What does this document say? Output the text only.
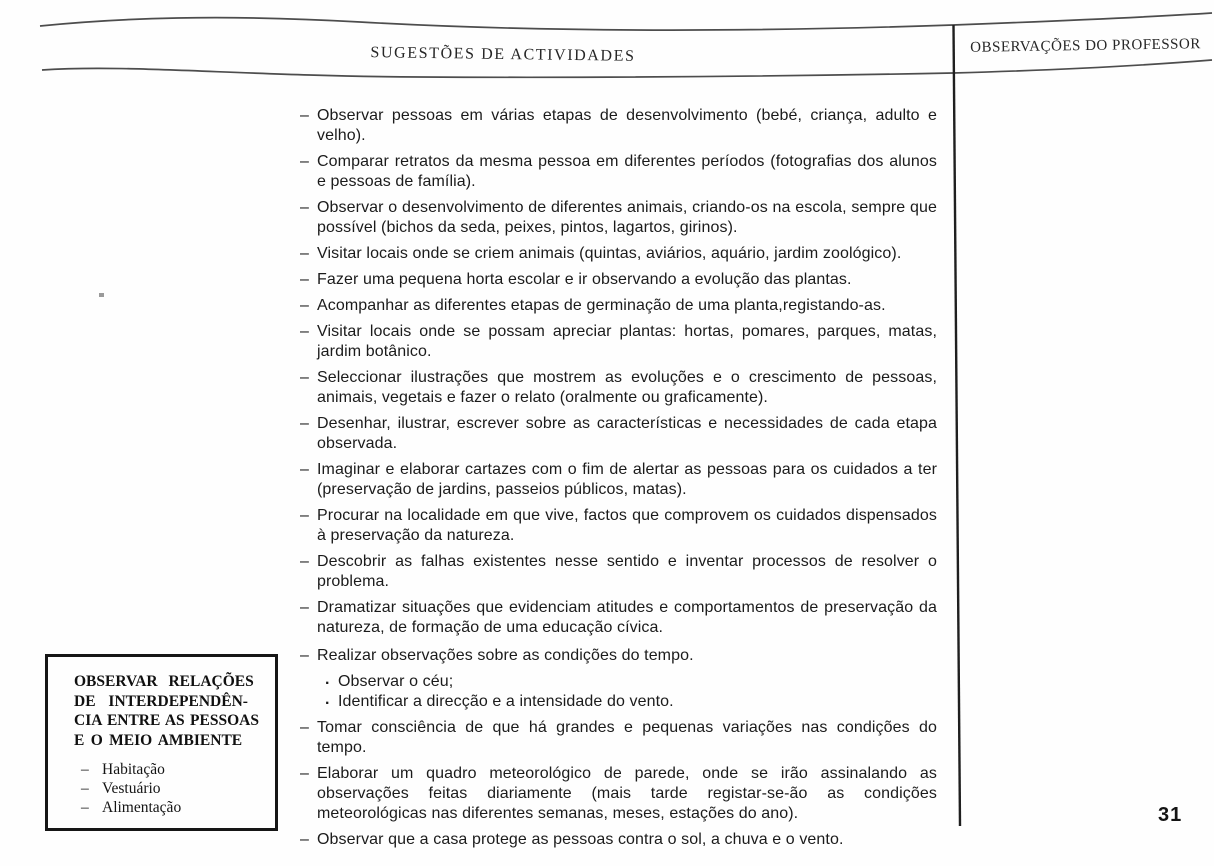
SUGESTÕES DE ACTIVIDADES	OBSERVAÇÕES DO PROFESSOR
– Observar pessoas em várias etapas de desenvolvimento (bebé, criança, adulto e velho).
– Comparar retratos da mesma pessoa em diferentes períodos (fotografias dos alunos e pessoas de família).
– Observar o desenvolvimento de diferentes animais, criando-os na escola, sempre que possível (bichos da seda, peixes, pintos, lagartos, girinos).
– Visitar locais onde se criem animais (quintas, aviários, aquário, jardim zoológico).
– Fazer uma pequena horta escolar e ir observando a evolução das plantas.
– Acompanhar as diferentes etapas de germinação de uma planta,registando-as.
– Visitar locais onde se possam apreciar plantas: hortas, pomares, parques, matas, jardim botânico.
– Seleccionar ilustrações que mostrem as evoluções e o crescimento de pessoas, animais, vegetais e fazer o relato (oralmente ou graficamente).
– Desenhar, ilustrar, escrever sobre as características e necessidades de cada etapa observada.
– Imaginar e elaborar cartazes com o fim de alertar as pessoas para os cuidados a ter (preservação de jardins, passeios públicos, matas).
– Procurar na localidade em que vive, factos que comprovem os cuidados dispensados à preservação da natureza.
– Descobrir as falhas existentes nesse sentido e inventar processos de resolver o problema.
– Dramatizar situações que evidenciam atitudes e comportamentos de preservação da natureza, de formação de uma educação cívica.
– Realizar observações sobre as condições do tempo.
. Observar o céu;
. Identificar a direcção e a intensidade do vento.
– Tomar consciência de que há grandes e pequenas variações nas condições do tempo.
– Elaborar um quadro meteorológico de parede, onde se irão assinalando as observações feitas diariamente (mais tarde registar-se-ão as condições meteorológicas nas diferentes semanas, meses, estações do ano).
– Observar que a casa protege as pessoas contra o sol, a chuva e o vento.
OBSERVAR RELAÇÕES
DE INTERDEPENDÊN-
CIA ENTRE AS PESSOAS
E O MEIO AMBIENTE
– Habitação
– Vestuário
– Alimentação	31
